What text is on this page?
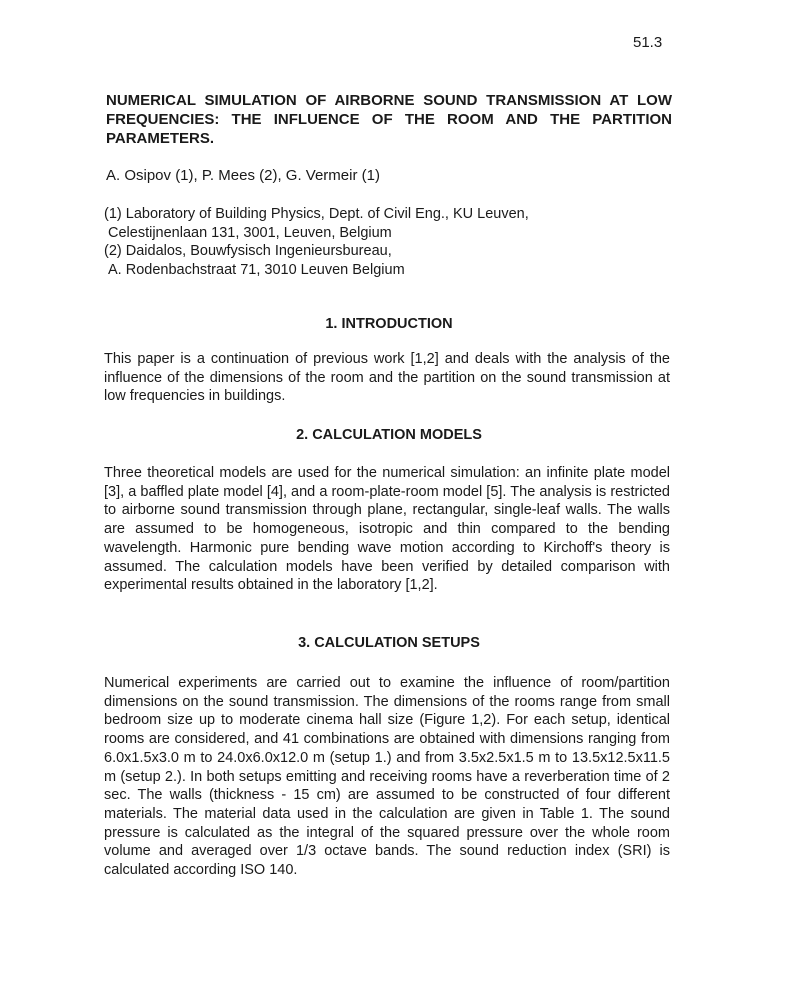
51.3
NUMERICAL SIMULATION OF AIRBORNE SOUND TRANSMISSION AT LOW FREQUENCIES: THE INFLUENCE OF THE ROOM AND THE PARTITION PARAMETERS.
A. Osipov (1), P. Mees (2), G. Vermeir (1)
(1) Laboratory of Building Physics, Dept. of Civil Eng., KU Leuven,
Celestijnenlaan 131, 3001, Leuven, Belgium
(2) Daidalos, Bouwfysisch Ingenieursbureau,
A. Rodenbachstraat 71, 3010 Leuven Belgium
1. INTRODUCTION
This paper is a continuation of previous work [1,2] and deals with the analysis of the influence of the dimensions of the room and the partition on the sound transmission at low frequencies in buildings.
2. CALCULATION MODELS
Three theoretical models are used for the numerical simulation: an infinite plate model [3], a baffled plate model [4], and a room-plate-room model [5]. The analysis is restricted to airborne sound transmission through plane, rectangular, single-leaf walls. The walls are assumed to be homogeneous, isotropic and thin compared to the bending wavelength. Harmonic pure bending wave motion according to Kirchoff's theory is assumed. The calculation models have been verified by detailed comparison with experimental results obtained in the laboratory [1,2].
3. CALCULATION SETUPS
Numerical experiments are carried out to examine the influence of room/partition dimensions on the sound transmission. The dimensions of the rooms range from small bedroom size up to moderate cinema hall size (Figure 1,2). For each setup, identical rooms are considered, and 41 combinations are obtained with dimensions ranging from 6.0x1.5x3.0 m to 24.0x6.0x12.0 m (setup 1.) and from 3.5x2.5x1.5 m to 13.5x12.5x11.5 m (setup 2.). In both setups emitting and receiving rooms have a reverberation time of 2 sec. The walls (thickness - 15 cm) are assumed to be constructed of four different materials. The material data used in the calculation are given in Table 1. The sound pressure is calculated as the integral of the squared pressure over the whole room volume and averaged over 1/3 octave bands. The sound reduction index (SRI) is calculated according ISO 140.
